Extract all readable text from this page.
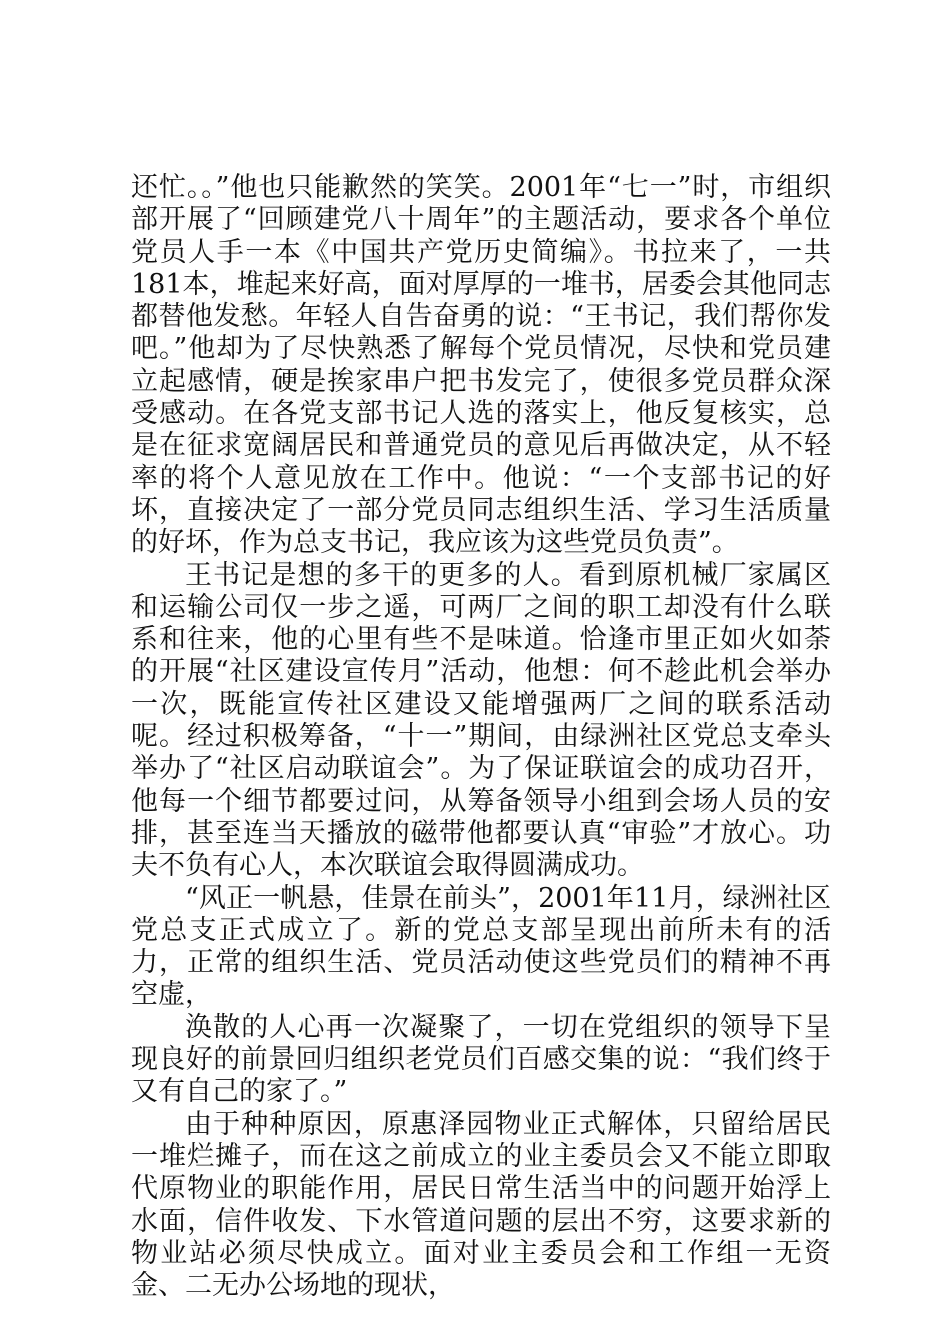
还忙。。”他也只能歉然的笑笑。2001年“七一”时，市组织部开展了“回顾建党八十周年”的主题活动，要求各个单位党员人手一本《中国共产党历史简编》。书拉来了，一共181本，堆起来好高，面对厚厚的一堆书，居委会其他同志都替他发愁。年轻人自告奋勇的说：“王书记，我们帮你发吧。”他却为了尽快熟悉了解每个党员情况，尽快和党员建立起感情，硬是挨家串户把书发完了，使很多党员群众深受感动。在各党支部书记人选的落实上，他反复核实，总是在征求宽阔居民和普通党员的意见后再做决定，从不轻率的将个人意见放在工作中。他说：“一个支部书记的好坏，直接决定了一部分党员同志组织生活、学习生活质量的好坏，作为总支书记，我应该为这些党员负责”。

王书记是想的多干的更多的人。看到原机械厂家属区和运输公司仅一步之遥，可两厂之间的职工却没有什么联系和往来，他的心里有些不是味道。恰逢市里正如火如荼的开展“社区建设宣传月”活动，他想：何不趁此机会举办一次，既能宣传社区建设又能增强两厂之间的联系活动呢。经过积极筹备，“十一”期间，由绿洲社区党总支牵头举办了“社区启动联谊会”。为了保证联谊会的成功召开，他每一个细节都要过问，从筹备领导小组到会场人员的安排，甚至连当天播放的磁带他都要认真“审验”才放心。功夫不负有心人，本次联谊会取得圆满成功。

“风正一帆悬，佳景在前头”，2001年11月，绿洲社区党总支正式成立了。新的党总支部呈现出前所未有的活力，正常的组织生活、党员活动使这些党员们的精神不再空虚，

涣散的人心再一次凝聚了，一切在党组织的领导下呈现良好的前景回归组织老党员们百感交集的说：“我们终于又有自己的家了。”

由于种种原因，原惠泽园物业正式解体，只留给居民一堆烂摊子，而在这之前成立的业主委员会又不能立即取代原物业的职能作用，居民日常生活当中的问题开始浮上水面，信件收发、下水管道问题的层出不穷，这要求新的物业站必须尽快成立。面对业主委员会和工作组一无资金、二无办公场地的现状，
